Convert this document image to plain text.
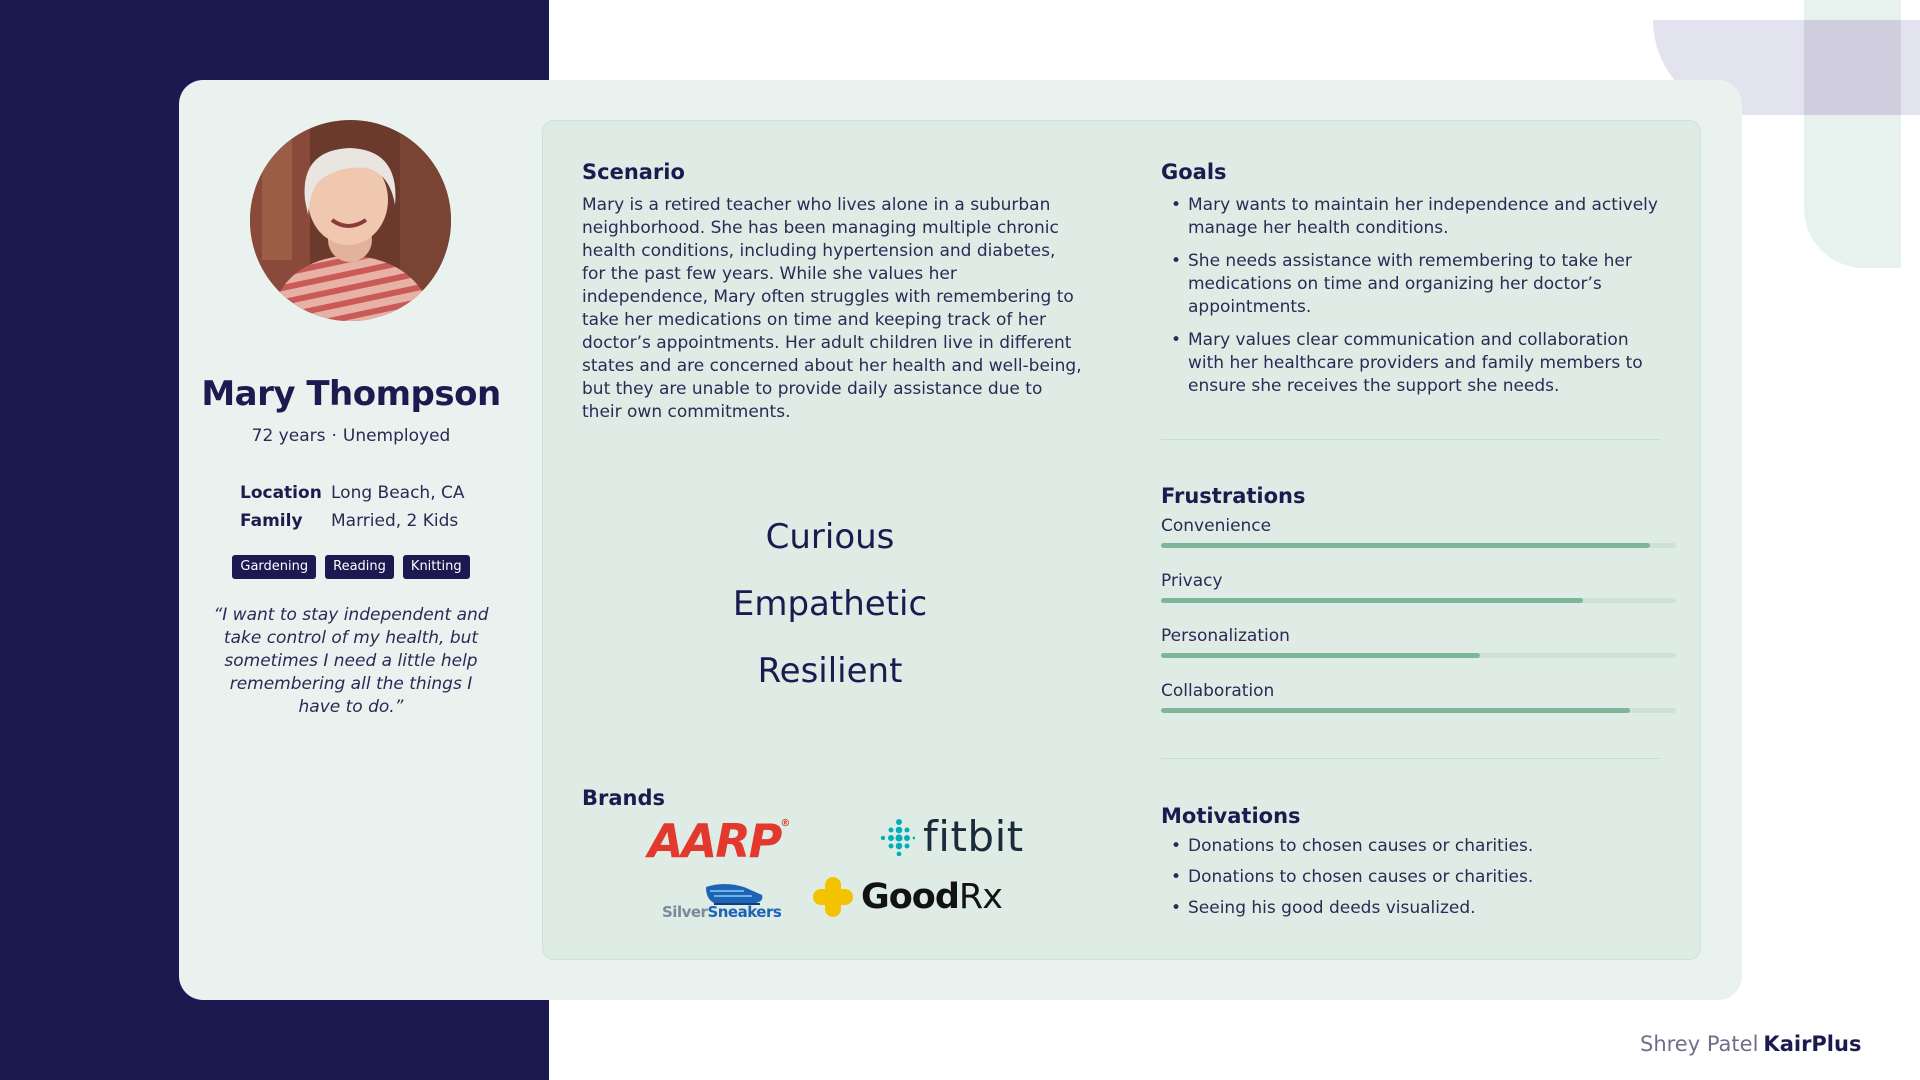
Mary Thompson
72 years · Unemployed
Location Long Beach, CA
Family	Married, 2 Kids
Gardening	Reading	Knitting
“I want to stay independent and take control of my health, but sometimes I need a little help remembering all the things I have to do.”
Scenario
Mary is a retired teacher who lives alone in a suburban neighborhood. She has been managing multiple chronic health conditions, including hypertension and diabetes, for the past few years. While she values her independence, Mary often struggles with remembering to take her medications on time and keeping track of her doctor’s appointments. Her adult children live in different states and are concerned about her health and well-being, but they are unable to provide daily assistance due to their own commitments.
Goals
• Mary wants to maintain her independence and actively manage her health conditions.
• She needs assistance with remembering to take her medications on time and organizing her doctor’s appointments.
• Mary values clear communication and collaboration with her healthcare providers and family members to ensure she receives the support she needs.
Curious
Empathetic
Resilient
Frustrations
Convenience
Privacy
Personalization
Collaboration
Brands
AARP®	fitbit
SilverSneakers GoodRx
Motivations
• Donations to chosen causes or charities.
• Donations to chosen causes or charities.
• Seeing his good deeds visualized.
Shrey Patel KairPlus
